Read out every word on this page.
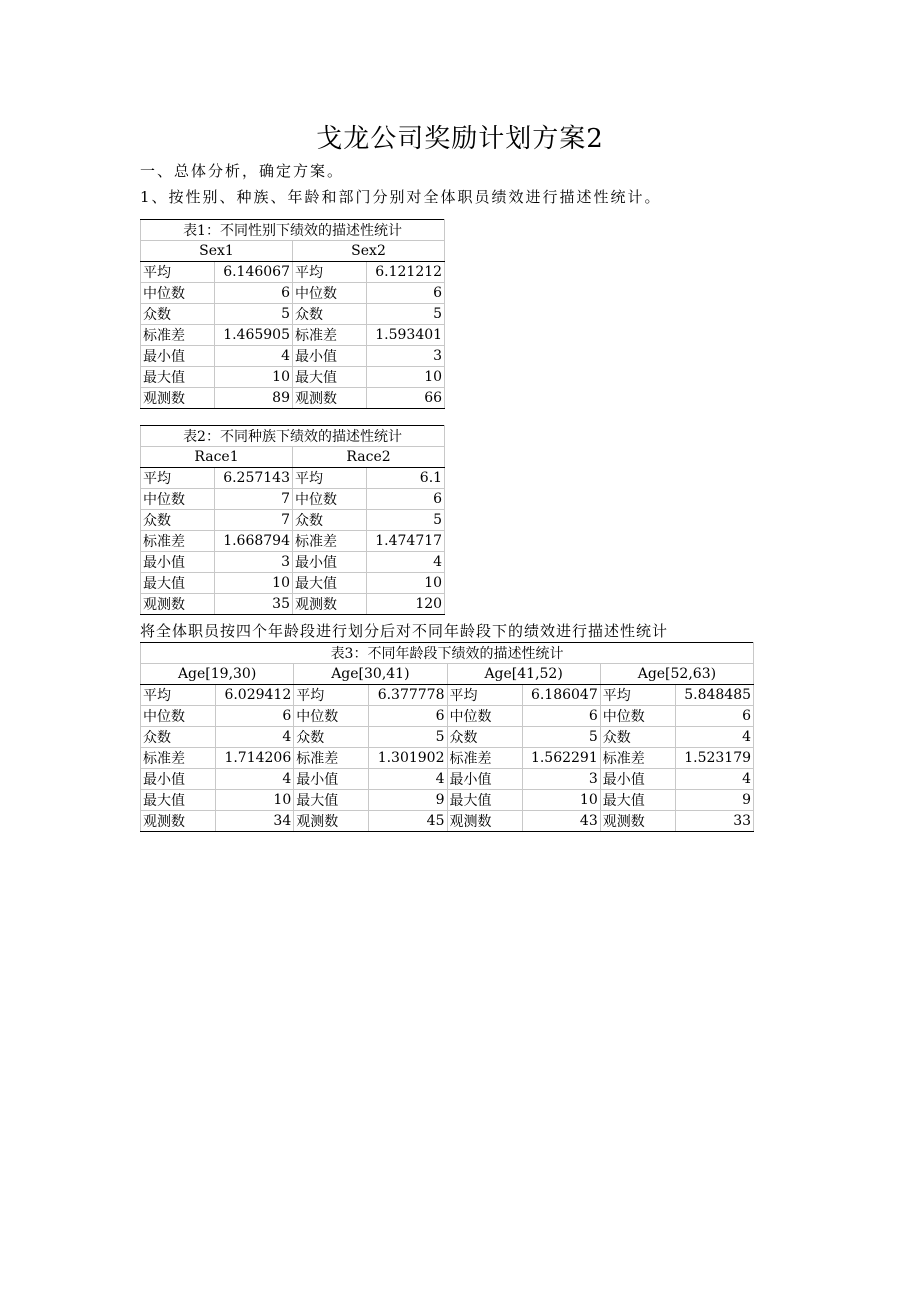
戈龙公司奖励计划方案2
一、总体分析，确定方案。
1、按性别、种族、年龄和部门分别对全体职员绩效进行描述性统计。
表1：不同性别下绩效的描述性统计			
Sex1		Sex2	
平均	6.146067	平均	6.121212
中位数	6	中位数	6
众数	5	众数	5
标准差	1.465905	标准差	1.593401
最小值	4	最小值	3
最大值	10	最大值	10
观测数	89	观测数	66
表2：不同种族下绩效的描述性统计			
Race1		Race2	
平均	6.257143	平均	6.1
中位数	7	中位数	6
众数	7	众数	5
标准差	1.668794	标准差	1.474717
最小值	3	最小值	4
最大值	10	最大值	10
观测数	35	观测数	120
将全体职员按四个年龄段进行划分后对不同年龄段下的绩效进行描述性统计
表3：不同年龄段下绩效的描述性统计							
Age[19,30)		Age[30,41)		Age[41,52)		Age[52,63)	
平均	6.029412	平均	6.377778	平均	6.186047	平均	5.848485
中位数	6	中位数	6	中位数	6	中位数	6
众数	4	众数	5	众数	5	众数	4
标准差	1.714206	标准差	1.301902	标准差	1.562291	标准差	1.523179
最小值	4	最小值	4	最小值	3	最小值	4
最大值	10	最大值	9	最大值	10	最大值	9
观测数	34	观测数	45	观测数	43	观测数	33
